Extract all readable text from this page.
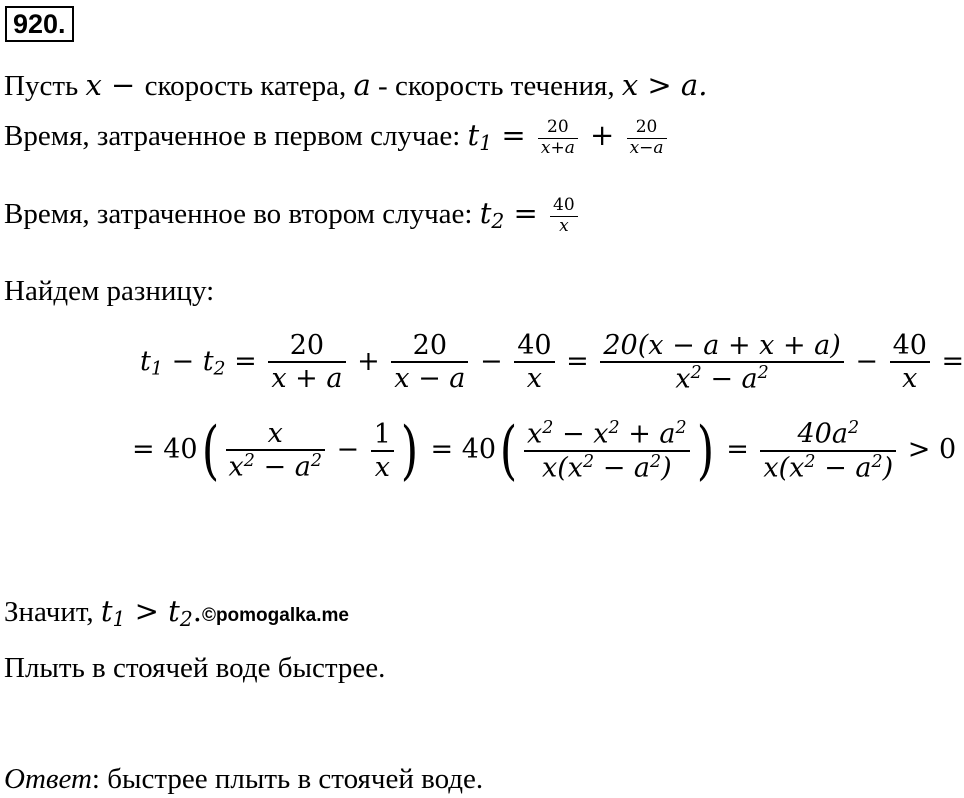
920.
Пусть x − скорость катера, a - скорость течения, x > a.
Время, затраченное в первом случае: $t_1 = \frac{20}{x+a} + \frac{20}{x-a}$
Время, затраченное во втором случае: $t_2 = \frac{40}{x}$
Найдем разницу:
$t_1 - t_2 = \frac{20}{x + a} + \frac{20}{x - a} - \frac{40}{x} = \frac{20(x - a + x + a)}{x^2 - a^2} - \frac{40}{x}$ =
= $40( \frac{x}{x^2 - a^2} - \frac{1}{x}$ ) = $40( \frac{x^2 - x^2 + a^2}{x(x^2 - a^2)}$ ) = $\frac{40a^2}{x(x^2 - a^2)} > 0$
Значит, $t_1$ > $t_2.©pomogalka.me$
Плыть в стоячей воде быстрее.
Ответ: быстрее плыть в стоячей воде.
